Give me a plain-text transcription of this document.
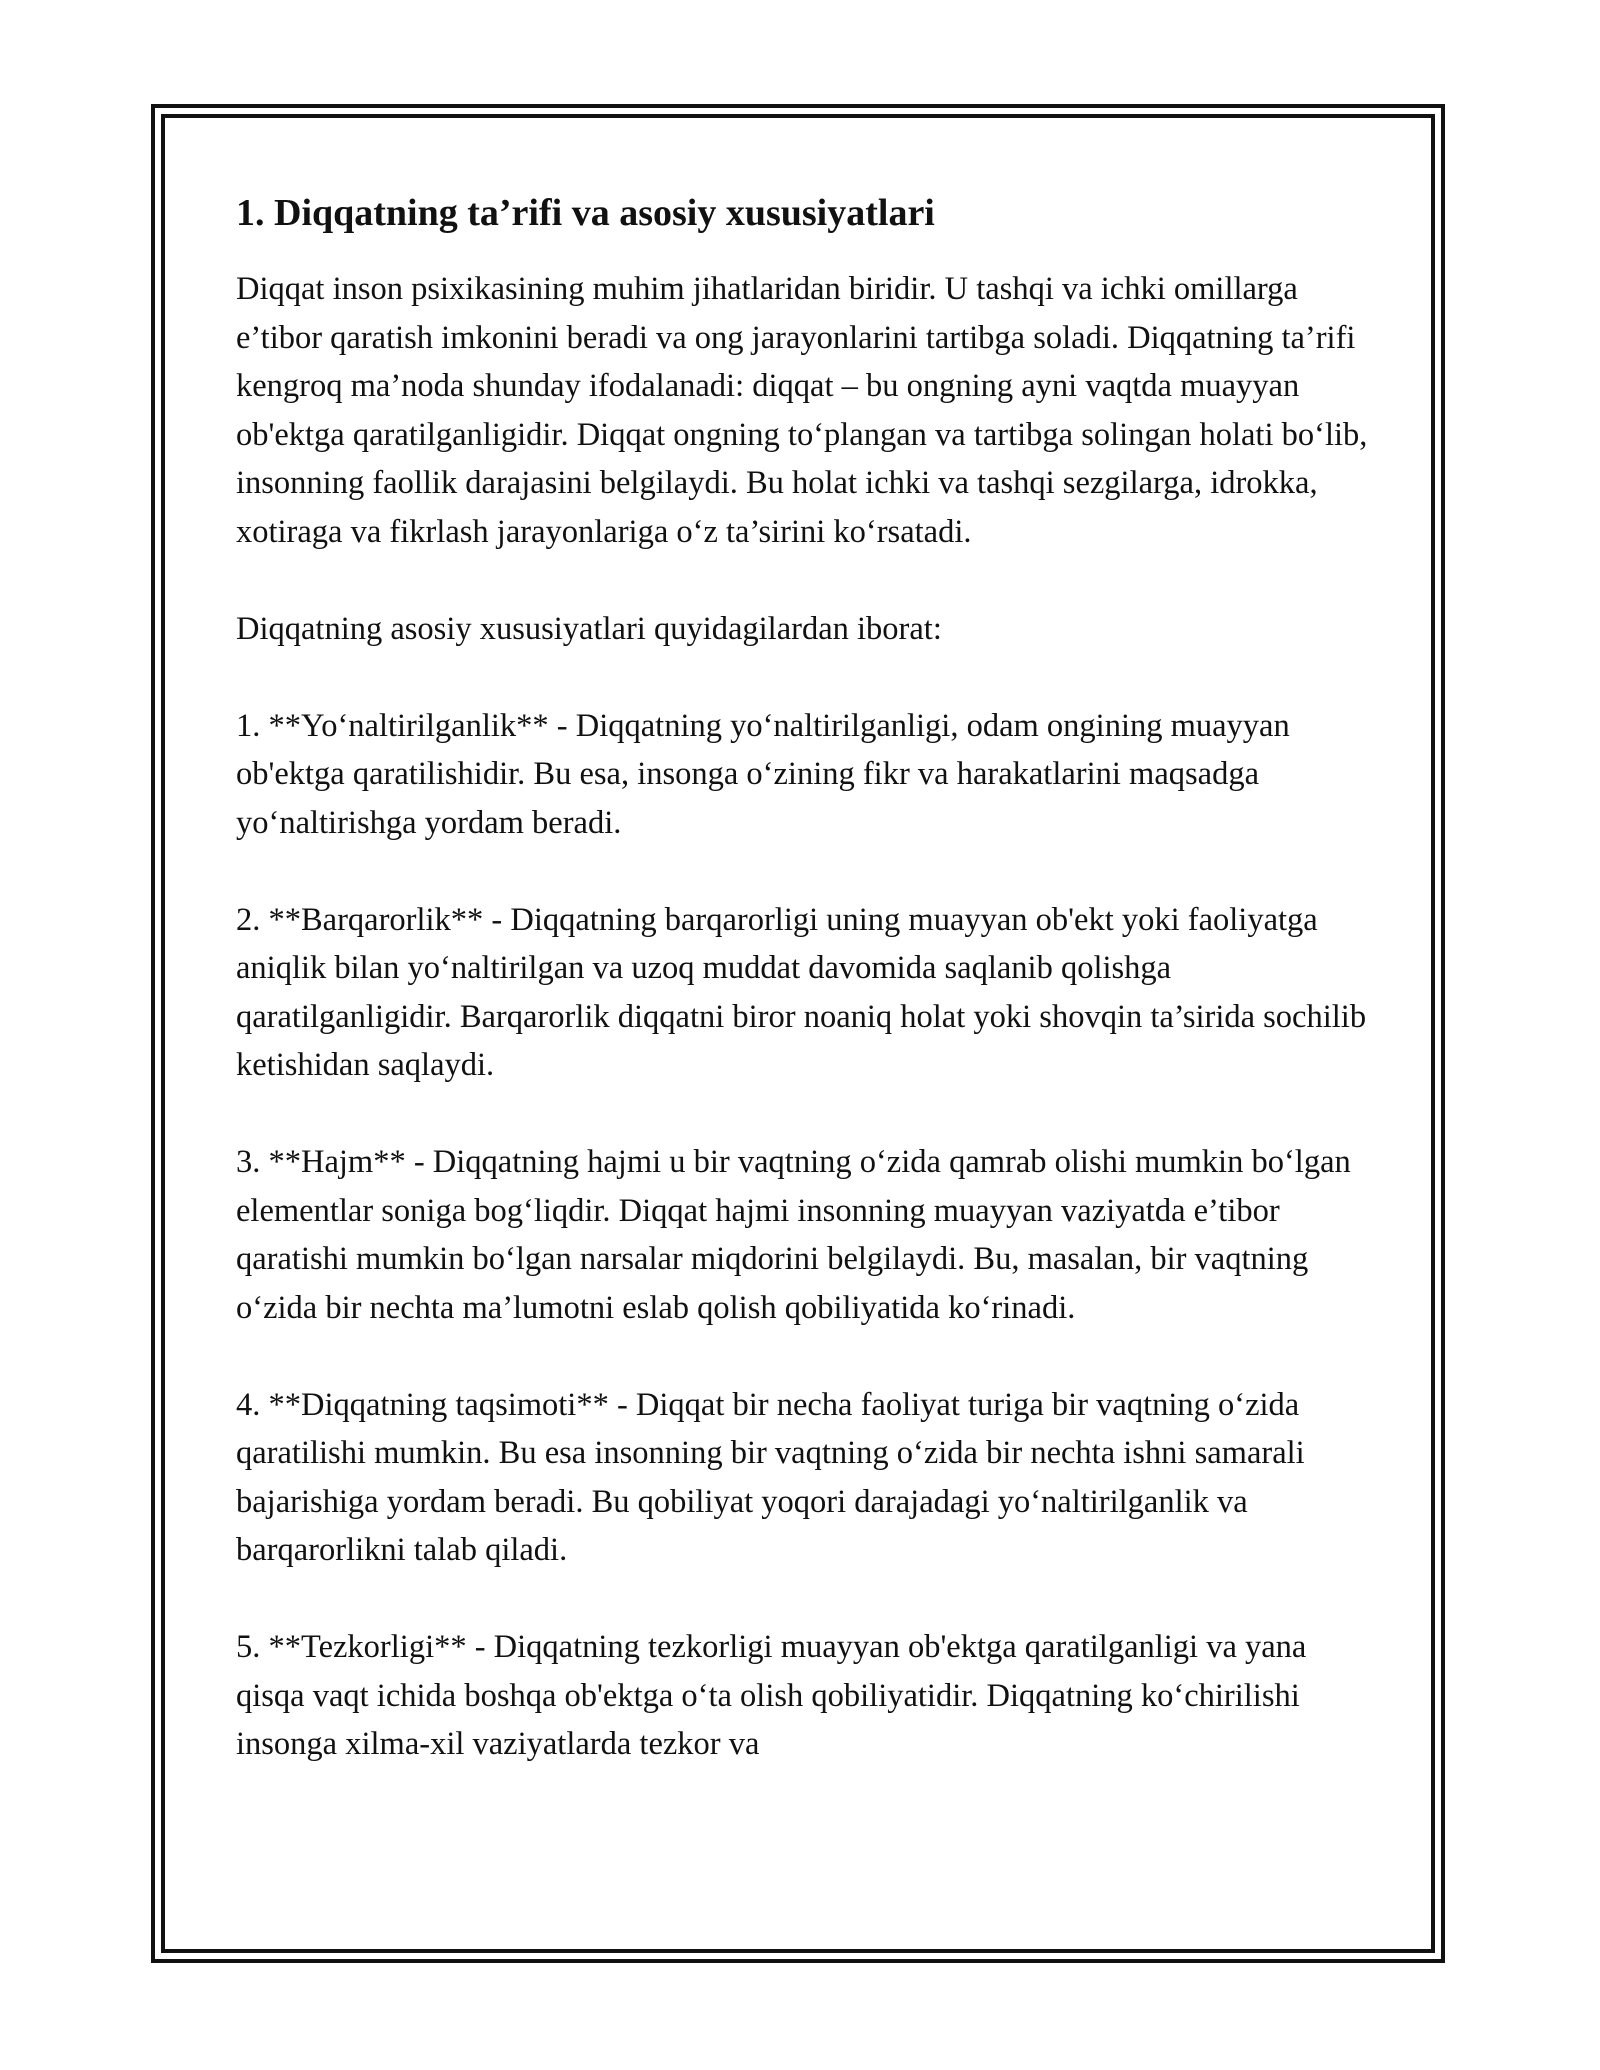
1. Diqqatning ta’rifi va asosiy xususiyatlari

Diqqat inson psixikasining muhim jihatlaridan biridir. U tashqi va ichki omillarga e’tibor qaratish imkonini beradi va ong jarayonlarini tartibga soladi. Diqqatning ta’rifi kengroq ma’noda shunday ifodalanadi: diqqat – bu ongning ayni vaqtda muayyan ob'ektga qaratilganligidir. Diqqat ongning to‘plangan va tartibga solingan holati bo‘lib, insonning faollik darajasini belgilaydi. Bu holat ichki va tashqi sezgilarga, idrokka, xotiraga va fikrlash jarayonlariga o‘z ta’sirini ko‘rsatadi.

Diqqatning asosiy xususiyatlari quyidagilardan iborat:

1. **Yo‘naltirilganlik** - Diqqatning yo‘naltirilganligi, odam ongining muayyan ob'ektga qaratilishidir. Bu esa, insonga o‘zining fikr va harakatlarini maqsadga yo‘naltirishga yordam beradi.

2. **Barqarorlik** - Diqqatning barqarorligi uning muayyan ob'ekt yoki faoliyatga aniqlik bilan yo‘naltirilgan va uzoq muddat davomida saqlanib qolishga qaratilganligidir. Barqarorlik diqqatni biror noaniq holat yoki shovqin ta’sirida sochilib ketishidan saqlaydi.

3. **Hajm** - Diqqatning hajmi u bir vaqtning o‘zida qamrab olishi mumkin bo‘lgan elementlar soniga bog‘liqdir. Diqqat hajmi insonning muayyan vaziyatda e’tibor qaratishi mumkin bo‘lgan narsalar miqdorini belgilaydi. Bu, masalan, bir vaqtning o‘zida bir nechta ma’lumotni eslab qolish qobiliyatida ko‘rinadi.

4. **Diqqatning taqsimoti** - Diqqat bir necha faoliyat turiga bir vaqtning o‘zida qaratilishi mumkin. Bu esa insonning bir vaqtning o‘zida bir nechta ishni samarali bajarishiga yordam beradi. Bu qobiliyat yoqori darajadagi yo‘naltirilganlik va barqarorlikni talab qiladi.

5. **Tezkorligi** - Diqqatning tezkorligi muayyan ob'ektga qaratilganligi va yana qisqa vaqt ichida boshqa ob'ektga o‘ta olish qobiliyatidir. Diqqatning ko‘chirilishi insonga xilma-xil vaziyatlarda tezkor va
